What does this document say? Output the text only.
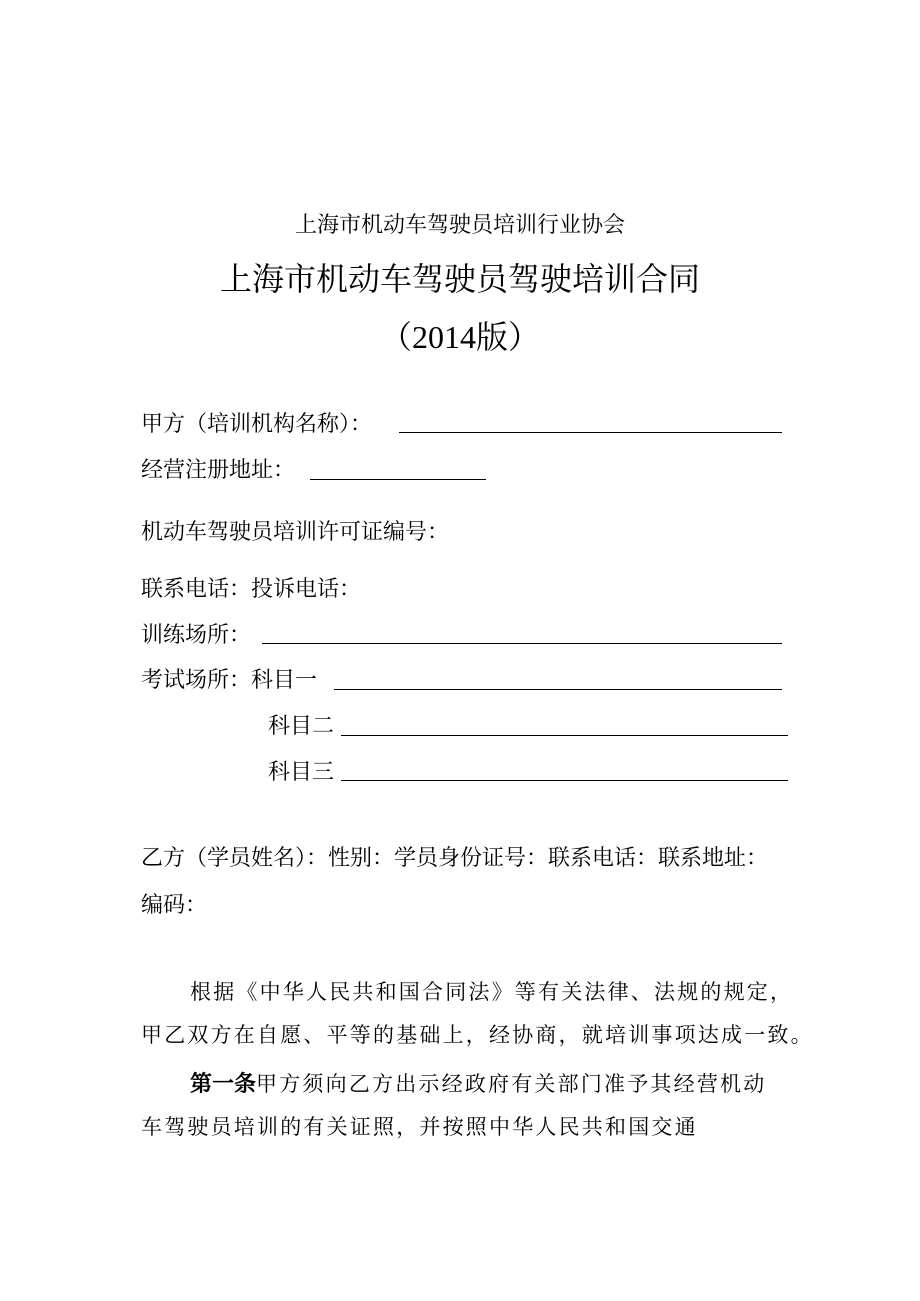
上海市机动车驾驶员培训行业协会
上海市机动车驾驶员驾驶培训合同
（2014版）
甲方（培训机构名称）：
经营注册地址：
机动车驾驶员培训许可证编号：
联系电话：投诉电话：
训练场所：
考试场所：科目一
科目二
科目三
乙方（学员姓名）：性别：学员身份证号：联系电话：联系地址：
编码：
根据《中华人民共和国合同法》等有关法律、法规的规定，
甲乙双方在自愿、平等的基础上，经协商，就培训事项达成一致。
第一条甲方须向乙方出示经政府有关部门准予其经营机动
车驾驶员培训的有关证照，并按照中华人民共和国交通
